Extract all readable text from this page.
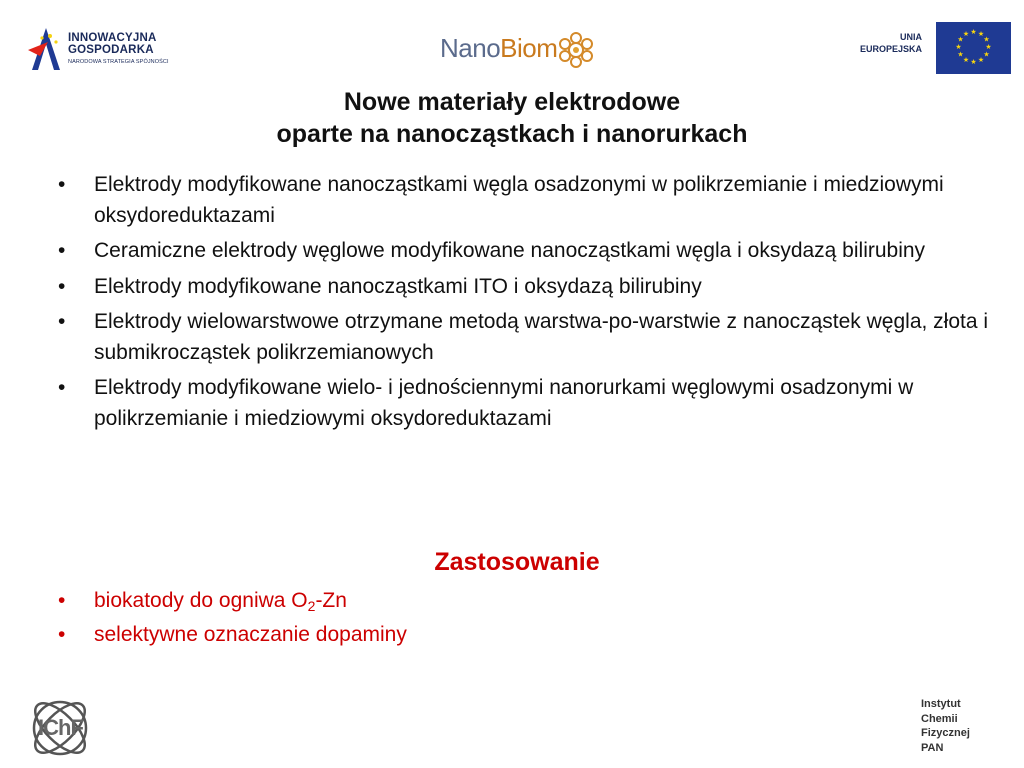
INNOWACYJNA
GOSPODARKA
NARODOWA STRATEGIA SPÓJNOŚCI	NanoBiom	UNIA
EUROPEJSKA
★ ★
★
★
★
★
★
★
★
★
★
★
Nowe materiały elektrodowe
oparte na nanocząstkach i nanorurkach
• Elektrody modyfikowane nanocząstkami węgla osadzonymi w polikrzemianie i miedziowymi oksydoreduktazami
• Ceramiczne elektrody węglowe modyfikowane nanocząstkami węgla i oksydazą bilirubiny
• Elektrody modyfikowane nanocząstkami ITO i oksydazą bilirubiny
• Elektrody wielowarstwowe otrzymane metodą warstwa-po-warstwie z nanocząstek węgla, złota i submikrocząstek polikrzemianowych
• Elektrody modyfikowane wielo- i jednościennymi nanorurkami węglowymi osadzonymi w polikrzemianie i miedziowymi oksydoreduktazami
Zastosowanie
• biokatody do ogniwa $O_2-Zn$
• selektywne oznaczanie dopaminy
IChF
Instytut
Chemii
Fizycznej
PAN
